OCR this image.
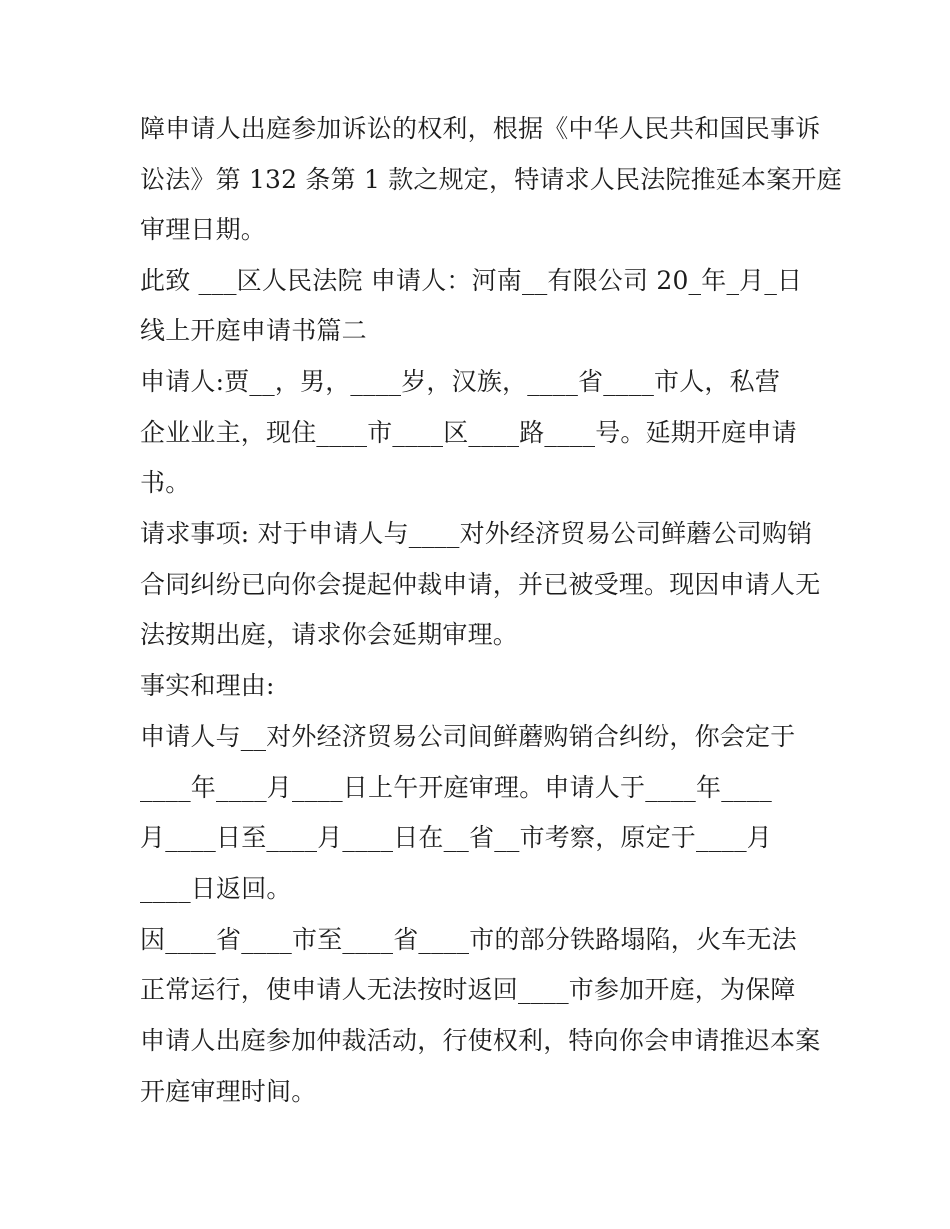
障申请人出庭参加诉讼的权利，根据《中华人民共和国民事诉
讼法》第 132 条第 1 款之规定，特请求人民法院推延本案开庭
审理日期。
此致 ___区人民法院 申请人：河南__有限公司 20_年_月_日
线上开庭申请书篇二
申请人:贾__，男，____岁，汉族，____省____市人，私营
企业业主，现住____市____区____路____号。延期开庭申请
书。
请求事项: 对于申请人与____对外经济贸易公司鲜蘑公司购销
合同纠纷已向你会提起仲裁申请，并已被受理。现因申请人无
法按期出庭，请求你会延期审理。
事实和理由:
申请人与__对外经济贸易公司间鲜蘑购销合纠纷，你会定于
____年____月____日上午开庭审理。申请人于____年____
月____日至____月____日在__省__市考察，原定于____月
____日返回。
因____省____市至____省____市的部分铁路塌陷，火车无法
正常运行，使申请人无法按时返回____市参加开庭，为保障
申请人出庭参加仲裁活动，行使权利，特向你会申请推迟本案
开庭审理时间。
